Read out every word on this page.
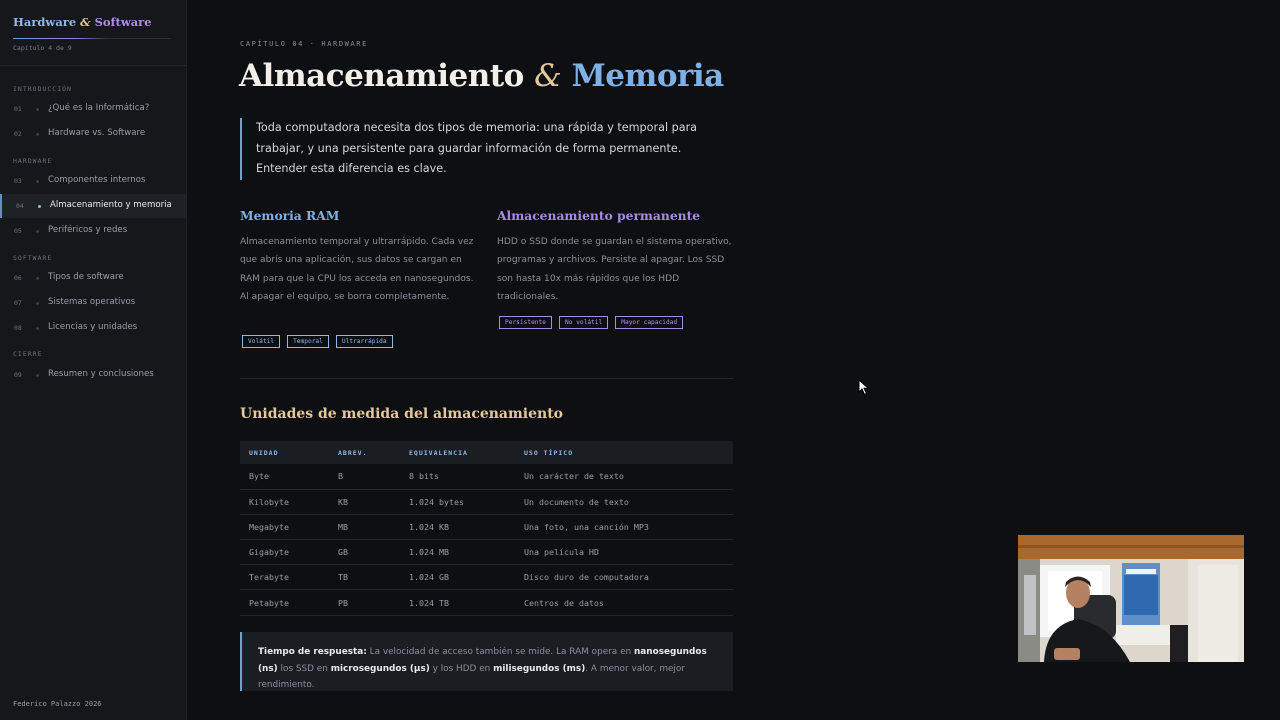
Hardware & Software
Capítulo 4 de 9
INTRODUCCIÓN
01	¿Qué es la Informática?
02	Hardware vs. Software
HARDWARE
03	Componentes internos
04	Almacenamiento y memoria
05	Periféricos y redes
SOFTWARE
06	Tipos de software
07	Sistemas operativos
08	Licencias y unidades
CIERRE
09	Resumen y conclusiones
Federico Palazzo 2026
CAPÍTULO 04 · HARDWARE
Almacenamiento & Memoria
Toda computadora necesita dos tipos de memoria: una rápida y temporal para trabajar, y una persistente para guardar información de forma permanente. Entender esta diferencia es clave.
Memoria RAM
Almacenamiento temporal y ultrarrápido. Cada vez que abrís una aplicación, sus datos se cargan en RAM para que la CPU los acceda en nanosegundos. Al apagar el equipo, se borra completamente.
Volátil	Temporal	Ultrarrápida
Almacenamiento permanente
HDD o SSD donde se guardan el sistema operativo, programas y archivos. Persiste al apagar. Los SSD son hasta 10x más rápidos que los HDD tradicionales.
Persistente	No volátil	Mayor capacidad
Unidades de medida del almacenamiento
UNIDAD	ABREV.	EQUIVALENCIA	USO TÍPICO
Byte	B	8 bits	Un carácter de texto
Kilobyte	KB	1.024 bytes	Un documento de texto
Megabyte	MB	1.024 KB	Una foto, una canción MP3
Gigabyte	GB	1.024 MB	Una película HD
Terabyte	TB	1.024 GB	Disco duro de computadora
Petabyte	PB	1.024 TB	Centros de datos
Tiempo de respuesta: La velocidad de acceso también se mide. La RAM opera en nanosegundos (ns) los SSD en microsegundos (μs) y los HDD en milisegundos (ms). A menor valor, mejor rendimiento.
